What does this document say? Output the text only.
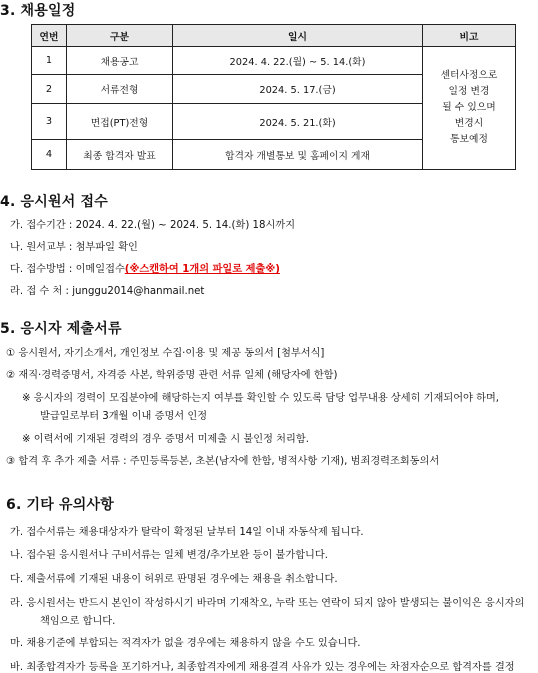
3. 채용일정
연번	구분	일시	비고
1	채용공고	2024. 4. 22.(월) ~ 5. 14.(화)	센터사정으로
일정 변경
될 수 있으며
변경시
통보예정

2	서류전형	2024. 5. 17.(금)	
3	면접(PT)전형	2024. 5. 21.(화)	
4	최종 합격자 발표	합격자 개별통보 및 홈페이지 게재	
4. 응시원서 접수
가. 접수기간 : 2024. 4. 22.(월) ~ 2024. 5. 14.(화) 18시까지
나. 원서교부 : 첨부파일 확인
다. 접수방법 : 이메일접수(※스캔하여 1개의 파일로 제출※)
라. 접 수 처 : junggu2014@hanmail.net
5. 응시자 제출서류
① 응시원서, 자기소개서, 개인정보 수집·이용 및 제공 동의서 [첨부서식]
② 재직·경력증명서, 자격증 사본, 학위증명 관련 서류 일체 (해당자에 한함)
※ 응시자의 경력이 모집분야에 해당하는지 여부를 확인할 수 있도록 담당 업무내용 상세히 기재되어야 하며,
발급일로부터 3개월 이내 증명서 인정
※ 이력서에 기재된 경력의 경우 증명서 미제출 시 불인정 처리함.
③ 합격 후 추가 제출 서류 : 주민등록등본, 초본(남자에 한함, 병적사항 기재), 범죄경력조회동의서
6. 기타 유의사항
가. 접수서류는 채용대상자가 탈락이 확정된 날부터 14일 이내 자동삭제 됩니다.
나. 접수된 응시원서나 구비서류는 일체 변경/추가보완 등이 불가합니다.
다. 제출서류에 기재된 내용이 허위로 판명된 경우에는 채용을 취소합니다.
라. 응시원서는 반드시 본인이 작성하시기 바라며 기재착오, 누락 또는 연락이 되지 않아 발생되는 불이익은 응시자의
책임으로 합니다.
마. 채용기준에 부합되는 적격자가 없을 경우에는 채용하지 않을 수도 있습니다.
바. 최종합격자가 등록을 포기하거나, 최종합격자에게 채용결격 사유가 있는 경우에는 차점자순으로 합격자를 결정
